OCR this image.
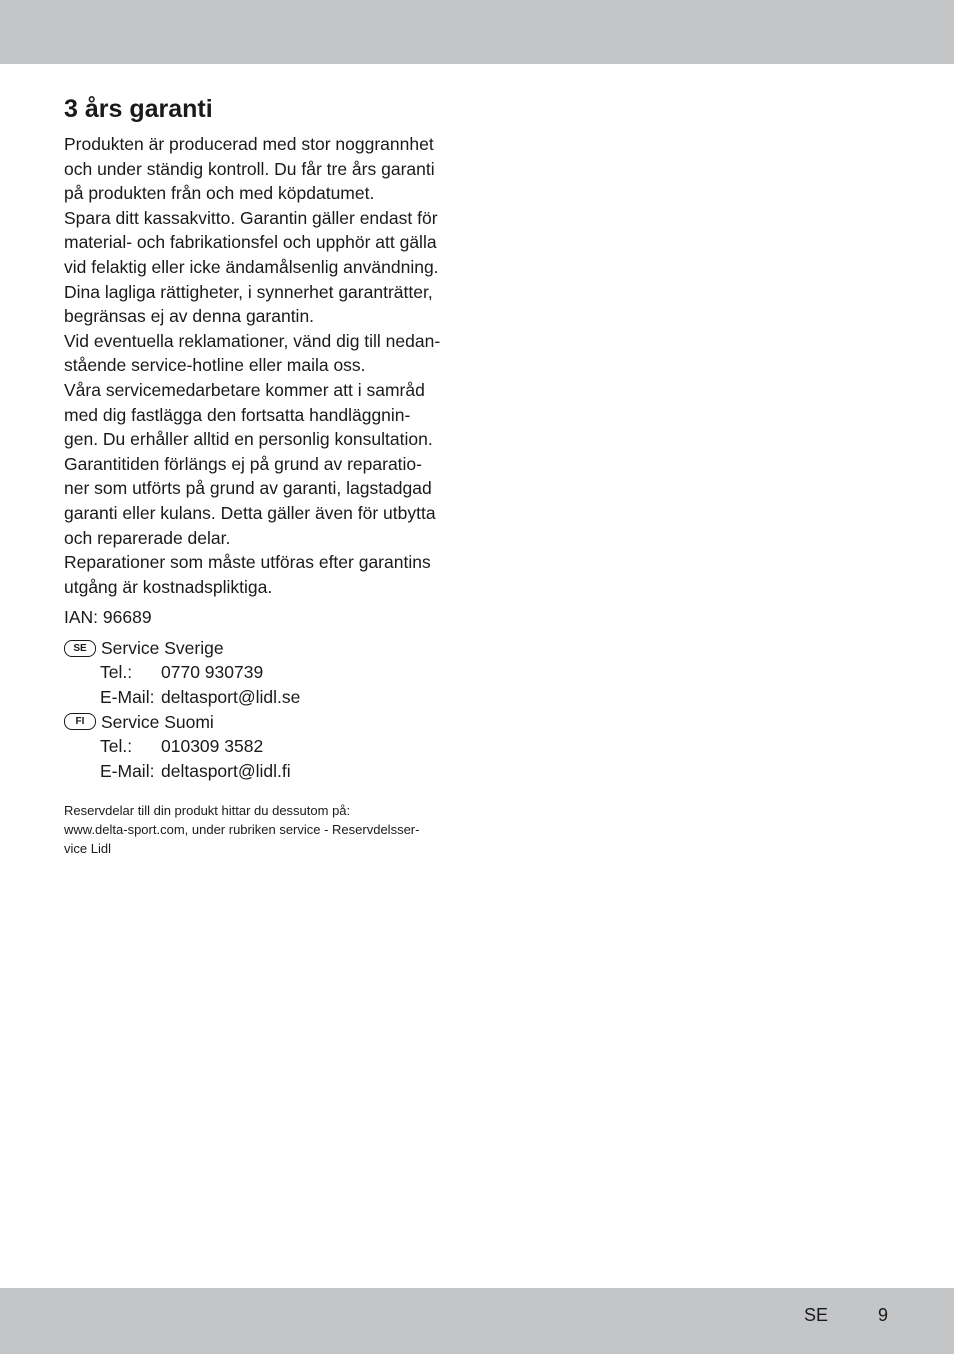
3 års garanti
Produkten är producerad med stor noggrannhet
och under ständig kontroll. Du får tre års garanti
på produkten från och med köpdatumet.
Spara ditt kassakvitto. Garantin gäller endast för
material- och fabrikationsfel och upphör att gälla
vid felaktig eller icke ändamålsenlig användning.
Dina lagliga rättigheter, i synnerhet garanträtter,
begränsas ej av denna garantin.
Vid eventuella reklamationer, vänd dig till nedan-
stående service-hotline eller maila oss.
Våra servicemedarbetare kommer att i samråd
med dig fastlägga den fortsatta handläggnin-
gen. Du erhåller alltid en personlig konsultation.
Garantitiden förlängs ej på grund av reparatio-
ner som utförts på grund av garanti, lagstadgad
garanti eller kulans. Detta gäller även för utbytta
och reparerade delar.
Reparationer som måste utföras efter garantins
utgång är kostnadspliktiga.
IAN: 96689
SE Service Sverige
Tel.:	0770 930739
E-Mail: deltasport@lidl.se
FI Service Suomi
Tel.:	010309 3582
E-Mail: deltasport@lidl.fi
Reservdelar till din produkt hittar du dessutom på:
www.delta-sport.com, under rubriken service - Reservdelsser-
vice Lidl
SE	9
